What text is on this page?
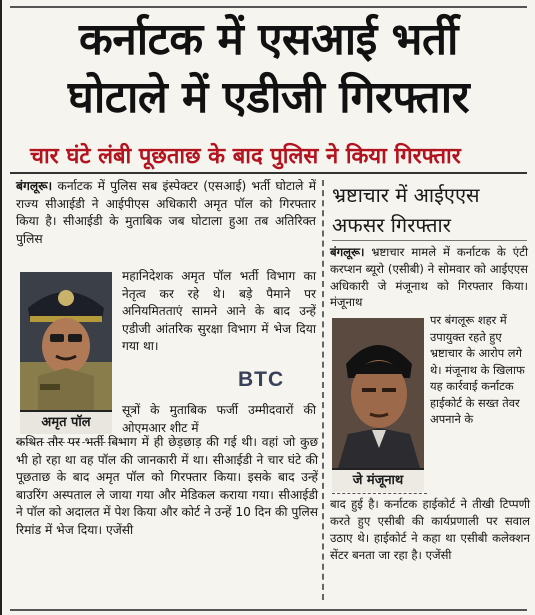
कर्नाटक में एसआई भर्ती
घोटाले में एडीजी गिरफ्तार
चार घंटे लंबी पूछताछ के बाद पुलिस ने किया गिरफ्तार
बंगलूरू। कर्नाटक में पुलिस सब इंस्पेक्टर (एसआई) भर्ती घोटाले में राज्य सीआईडी ने आईपीएस अधिकारी अमृत पॉल को गिरफ्तार किया है। सीआईडी के मुताबिक जब घोटाला हुआ तब अतिरिक्त पुलिस
अमृत पॉल
महानिदेशक अमृत पॉल भर्ती विभाग का नेतृत्व कर रहे थे। बड़े पैमाने पर अनियमितताएं सामने आने के बाद उन्हें एडीजी आंतरिक सुरक्षा विभाग में भेज दिया गया था।
सूत्रों के मुताबिक फर्जी उम्मीदवारों की ओएमआर शीट में
कथित तौर पर भर्ती विभाग में ही छेड़छाड़ की गई थी। वहां जो कुछ भी हो रहा था वह पॉल की जानकारी में था। सीआईडी ने चार घंटे की पूछताछ के बाद अमृत पॉल को गिरफ्तार किया। इसके बाद उन्हें बाउरिंग अस्पताल ले जाया गया और मेडिकल कराया गया। सीआईडी ने पॉल को अदालत में पेश किया और कोर्ट ने उन्हें 10 दिन की पुलिस रिमांड में भेज दिया। एजेंसी
BTC
भ्रष्टाचार में आईएएस अफसर गिरफ्तार
बंगलूरू। भ्रष्टाचार मामले में कर्नाटक के एंटी करप्शन ब्यूरो (एसीबी) ने सोमवार को आईएएस अधिकारी जे मंजूनाथ को गिरफ्तार किया। मंजूनाथ
जे मंजूनाथ
पर बंगलूरू शहर में उपायुक्त रहते हुए भ्रष्टाचार के आरोप लगे थे। मंजूनाथ के खिलाफ यह कार्रवाई कर्नाटक हाईकोर्ट के सख्त तेवर अपनाने के
बाद हुई है। कर्नाटक हाईकोर्ट ने तीखी टिप्पणी करते हुए एसीबी की कार्यप्रणाली पर सवाल उठाए थे। हाईकोर्ट ने कहा था एसीबी कलेक्शन सेंटर बनता जा रहा है। एजेंसी
